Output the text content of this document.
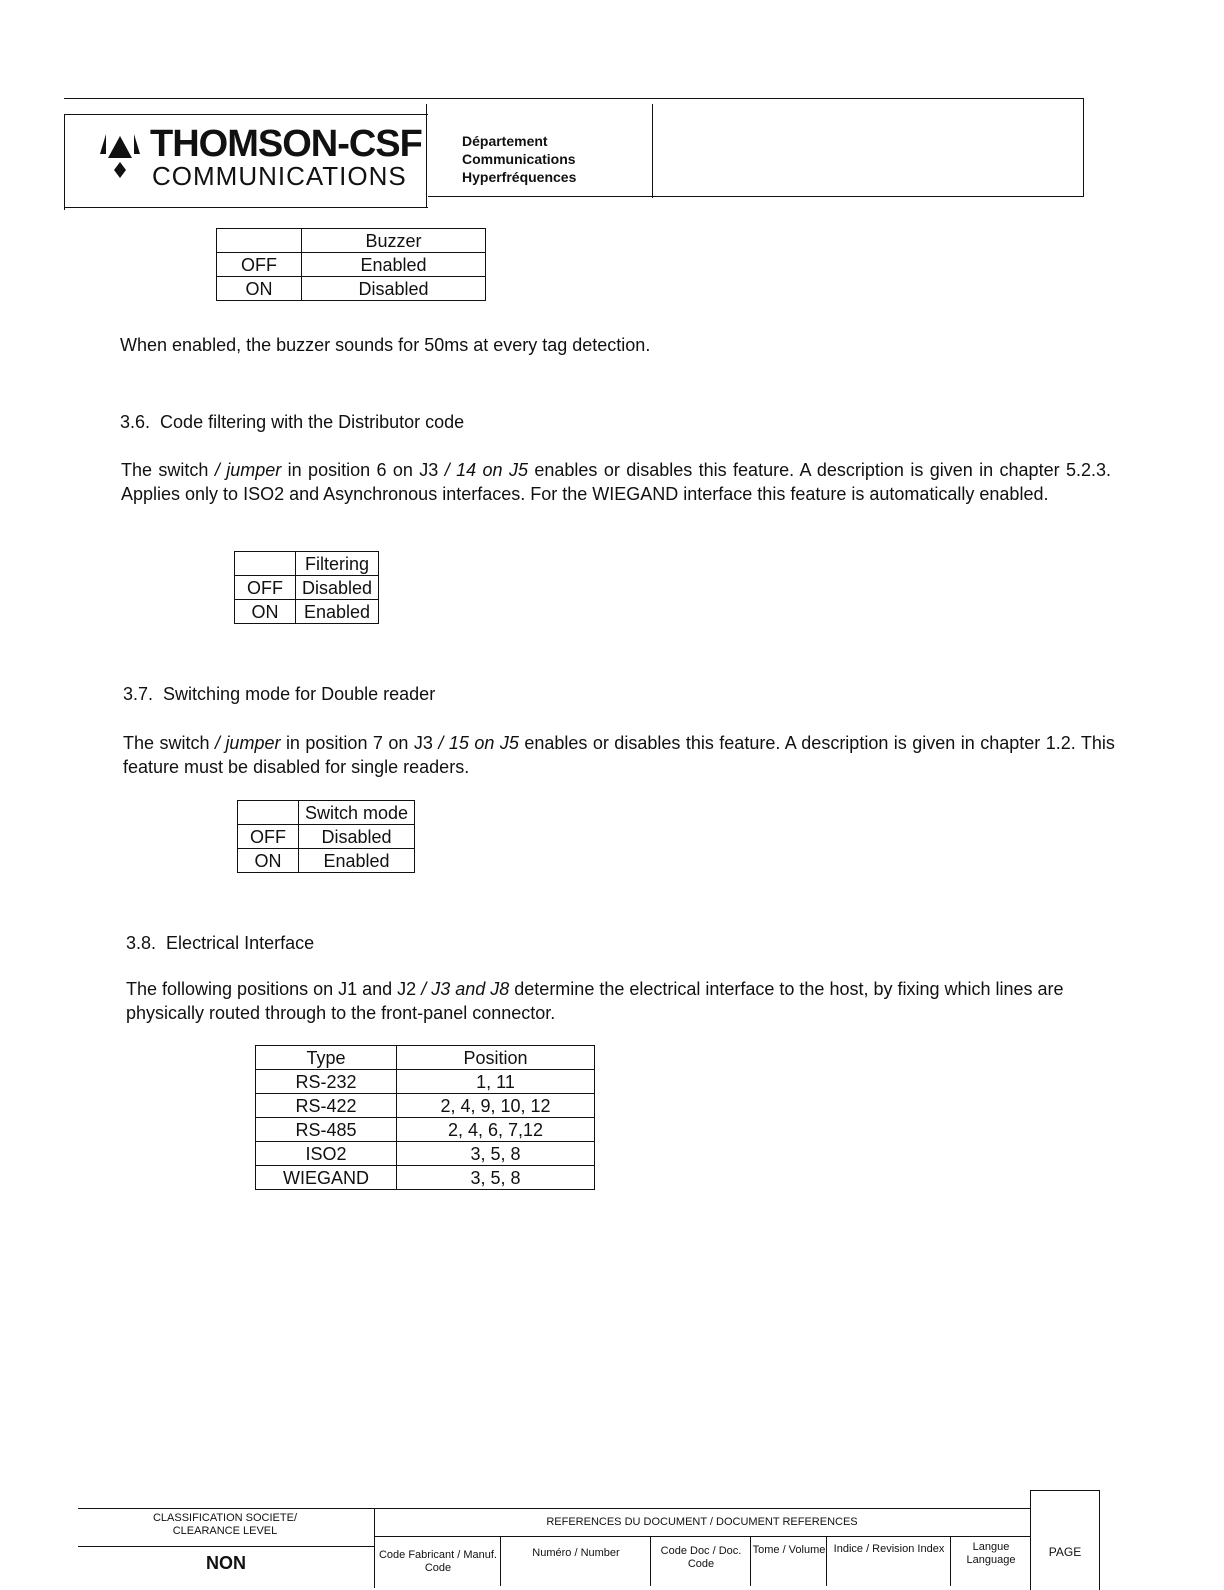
THOMSON-CSF
COMMUNICATIONS
Département
Communications
Hyperfréquences
	Buzzer
OFF	Enabled
ON	Disabled
When enabled, the buzzer sounds for 50ms at every tag detection.
3.6. Code filtering with the Distributor code
The switch / jumper in position 6 on J3 / 14 on J5 enables or disables this feature. A description is given in chapter 5.2.3. Applies only to ISO2 and Asynchronous interfaces. For the WIEGAND interface this feature is automatically enabled.
	Filtering
OFF	Disabled
ON	Enabled
3.7. Switching mode for Double reader
The switch / jumper in position 7 on J3 / 15 on J5 enables or disables this feature. A description is given in chapter 1.2. This feature must be disabled for single readers.
	Switch mode
OFF	Disabled
ON	Enabled
3.8. Electrical Interface
The following positions on J1 and J2 / J3 and J8 determine the electrical interface to the host, by fixing which lines are physically routed through to the front-panel connector.
Type	Position
RS-232	1, 11
RS-422	2, 4, 9, 10, 12
RS-485	2, 4, 6, 7,12
ISO2	3, 5, 8
WIEGAND	3, 5, 8
CLASSIFICATION SOCIETE/ CLEARANCE LEVEL
NON
REFERENCES DU DOCUMENT / DOCUMENT REFERENCES
Code Fabricant / Manuf. Code
Numéro / Number	Code Doc / Doc. Code
Tome / Volume Indice / Revision Index	Langue Language
PAGE
